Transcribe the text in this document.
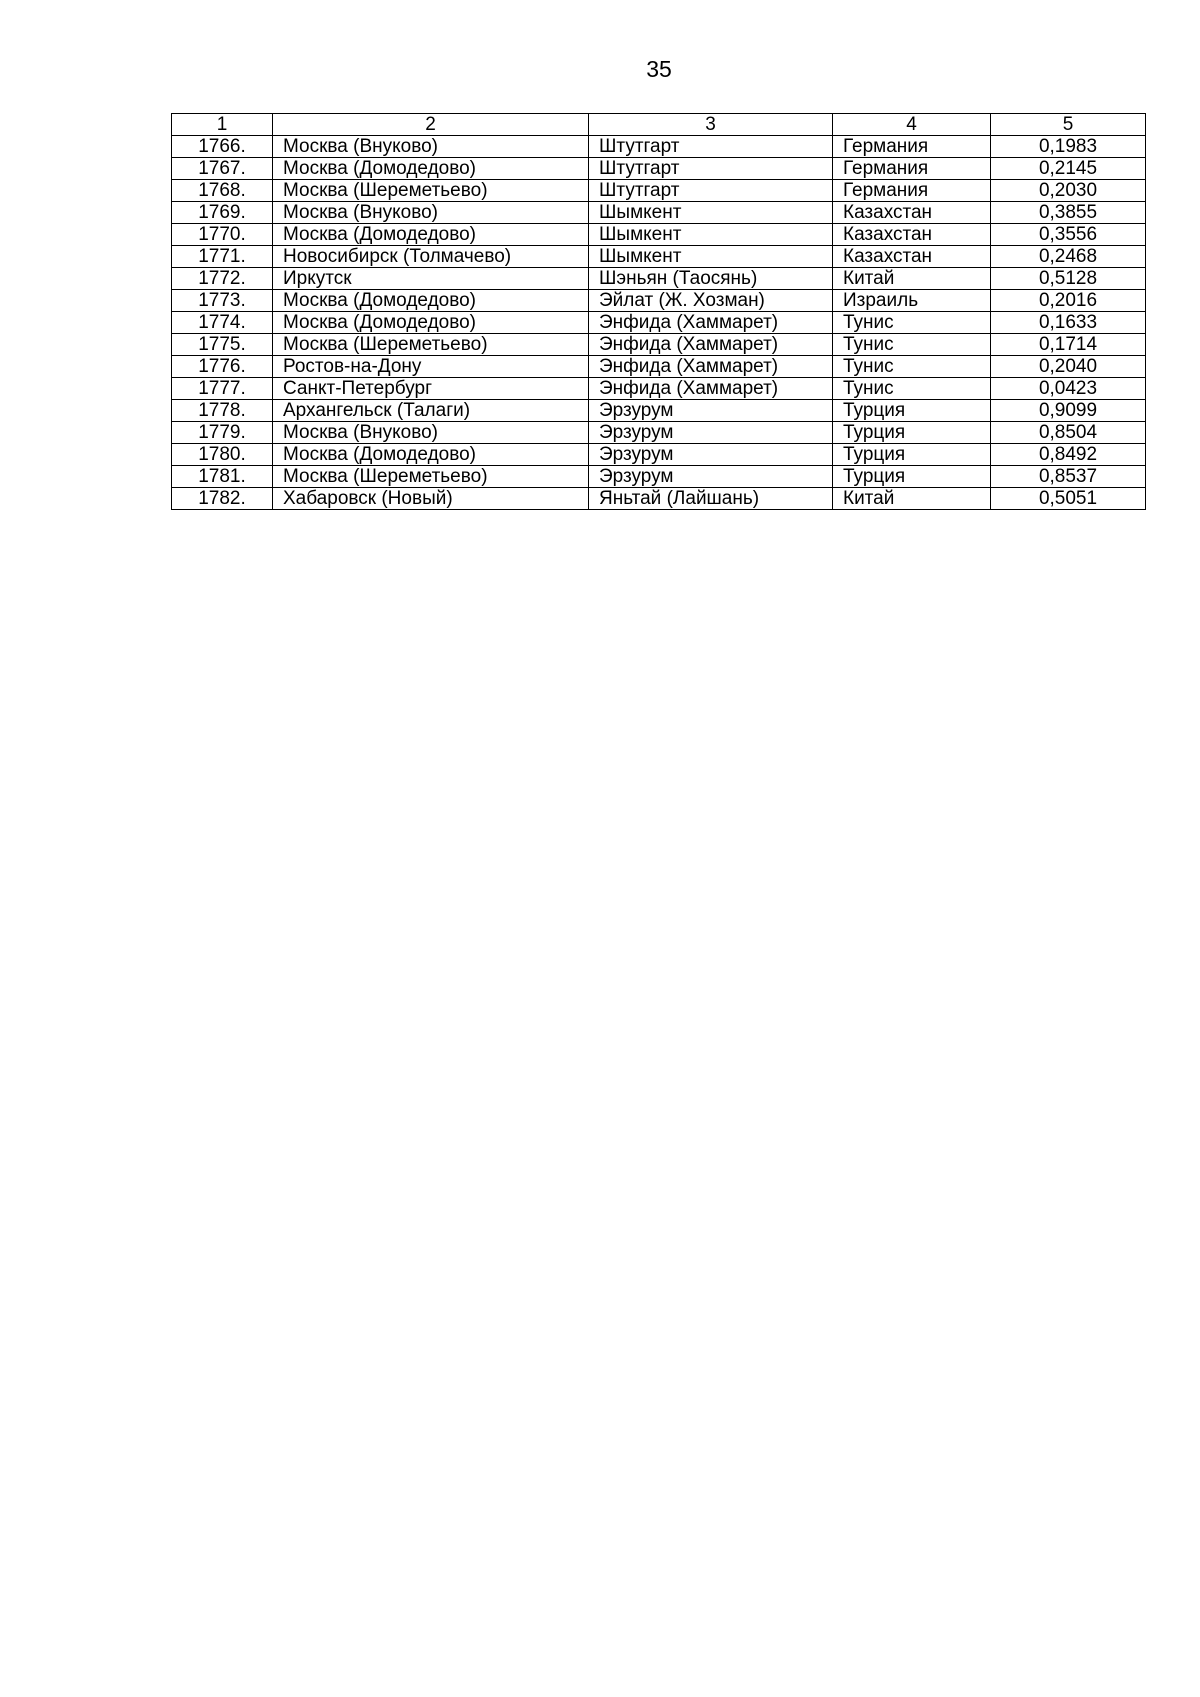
35
1	2	3	4	5
1766.	Москва (Внуково)	Штутгарт	Германия	0,1983
1767.	Москва (Домодедово)	Штутгарт	Германия	0,2145
1768.	Москва (Шереметьево)	Штутгарт	Германия	0,2030
1769.	Москва (Внуково)	Шымкент	Казахстан	0,3855
1770.	Москва (Домодедово)	Шымкент	Казахстан	0,3556
1771.	Новосибирск (Толмачево)	Шымкент	Казахстан	0,2468
1772.	Иркутск	Шэньян (Таосянь)	Китай	0,5128
1773.	Москва (Домодедово)	Эйлат (Ж. Хозман)	Израиль	0,2016
1774.	Москва (Домодедово)	Энфида (Хаммарет)	Тунис	0,1633
1775.	Москва (Шереметьево)	Энфида (Хаммарет)	Тунис	0,1714
1776.	Ростов-на-Дону	Энфида (Хаммарет)	Тунис	0,2040
1777.	Санкт-Петербург	Энфида (Хаммарет)	Тунис	0,0423
1778.	Архангельск (Талаги)	Эрзурум	Турция	0,9099
1779.	Москва (Внуково)	Эрзурум	Турция	0,8504
1780.	Москва (Домодедово)	Эрзурум	Турция	0,8492
1781.	Москва (Шереметьево)	Эрзурум	Турция	0,8537
1782.	Хабаровск (Новый)	Яньтай (Лайшань)	Китай	0,5051
